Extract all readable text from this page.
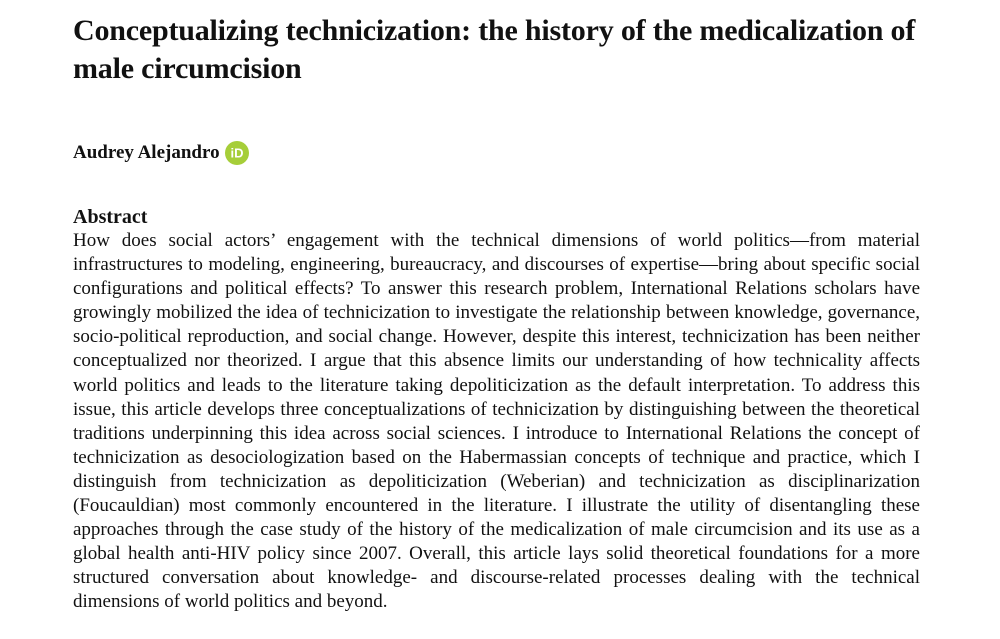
Conceptualizing technicization: the history of the medicalization of male circumcision
Audrey Alejandro iD
Abstract

How does social actors’ engagement with the technical dimensions of world politics—from material infrastructures to modeling, engineering, bureaucracy, and discourses of expertise—bring about specific social configurations and political effects? To answer this research problem, International Relations scholars have growingly mobilized the idea of technicization to investigate the relationship between knowledge, governance, socio-political reproduction, and social change. However, despite this interest, technicization has been neither conceptualized nor theorized. I argue that this absence limits our understanding of how technicality affects world politics and leads to the literature taking depoliticization as the default interpretation. To address this issue, this article develops three conceptualizations of technicization by distinguishing between the theoretical traditions underpinning this idea across social sciences. I introduce to International Relations the concept of technicization as desociologization based on the Habermassian concepts of technique and practice, which I distinguish from technicization as depoliticization (Weberian) and technicization as disciplinarization (Foucauldian) most commonly encountered in the literature. I illustrate the utility of disentangling these approaches through the case study of the history of the medicalization of male circumcision and its use as a global health anti-HIV policy since 2007. Overall, this article lays solid theoretical foundations for a more structured conversation about knowledge- and discourse-related processes dealing with the technical dimensions of world politics and beyond.
